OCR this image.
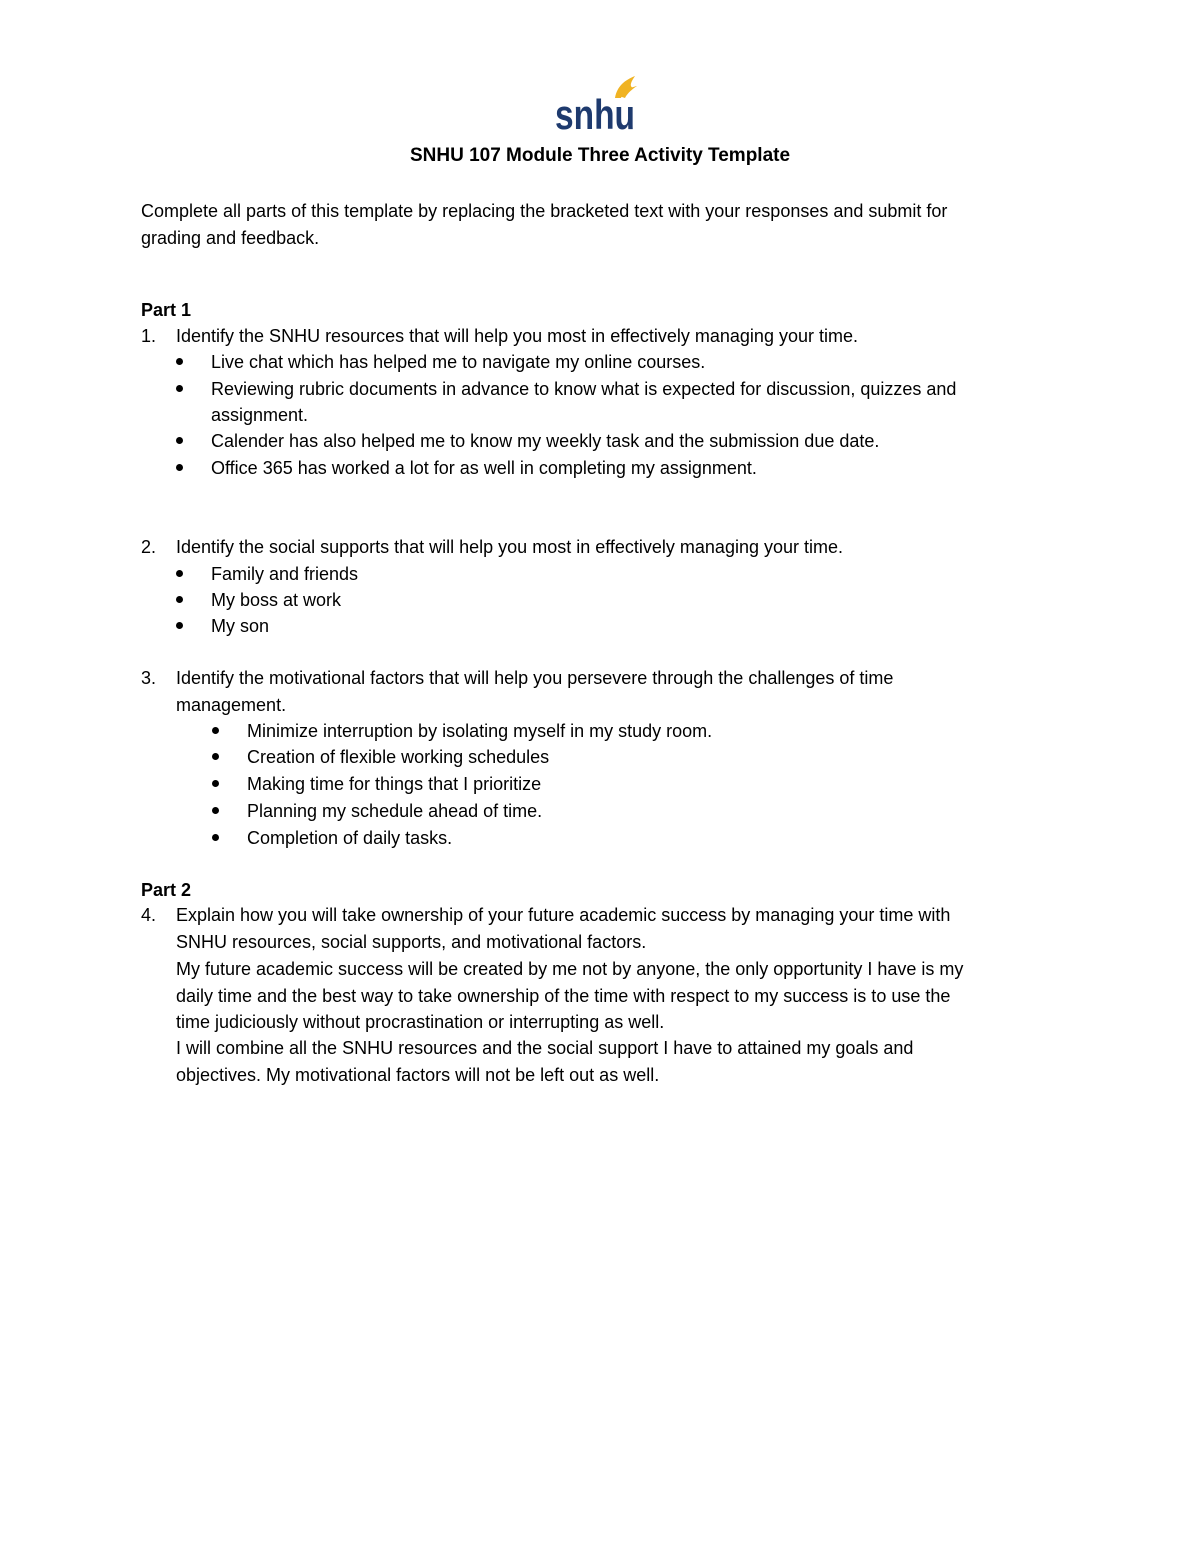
snhu
SNHU 107 Module Three Activity Template
Complete all parts of this template by replacing the bracketed text with your responses and submit for
grading and feedback.
Part 1
1. Identify the SNHU resources that will help you most in effectively managing your time.
Live chat which has helped me to navigate my online courses.
Reviewing rubric documents in advance to know what is expected for discussion, quizzes and
assignment.
Calender has also helped me to know my weekly task and the submission due date.
Office 365 has worked a lot for as well in completing my assignment.
2. Identify the social supports that will help you most in effectively managing your time.
Family and friends
My boss at work
My son
3. Identify the motivational factors that will help you persevere through the challenges of time
management.
Minimize interruption by isolating myself in my study room.
Creation of flexible working schedules
Making time for things that I prioritize
Planning my schedule ahead of time.
Completion of daily tasks.
Part 2
4. Explain how you will take ownership of your future academic success by managing your time with
SNHU resources, social supports, and motivational factors.
My future academic success will be created by me not by anyone, the only opportunity I have is my
daily time and the best way to take ownership of the time with respect to my success is to use the
time judiciously without procrastination or interrupting as well.
I will combine all the SNHU resources and the social support I have to attained my goals and
objectives. My motivational factors will not be left out as well.
